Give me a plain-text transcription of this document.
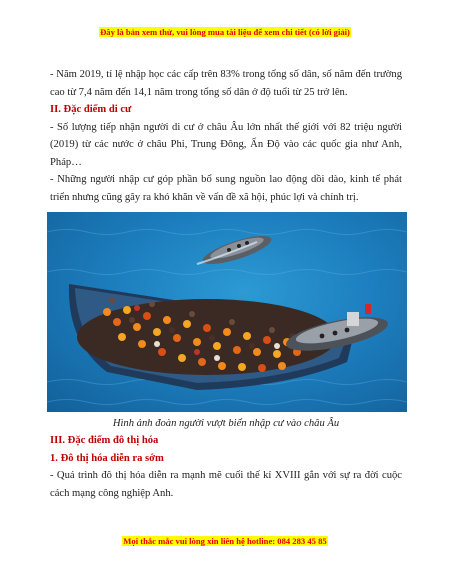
Đây là bản xem thử, vui lòng mua tài liệu để xem chi tiết (có lời giải)

- Năm 2019, tỉ lệ nhập học các cấp trên 83% trong tổng số dân, số năm đến trường cao từ 7,4 năm đến 14,1 năm trong tổng số dân ở độ tuổi từ 25 trở lên.

II. Đặc điểm di cư

- Số lượng tiếp nhận người di cư ở châu Âu lớn nhất thế giới với 82 triệu người (2019) từ các nước ở châu Phi, Trung Đông, Ấn Độ vào các quốc gia như Anh, Pháp…

- Những người nhập cư góp phần bổ sung nguồn lao động dồi dào, kinh tế phát triển nhưng cũng gây ra khó khăn về vấn đề xã hội, phúc lợi và chính trị.

Hình ảnh đoàn người vượt biển nhập cư vào châu Âu
III. Đặc điểm đô thị hóa
1. Đô thị hóa diễn ra sớm

- Quá trình đô thị hóa diễn ra mạnh mẽ cuối thế kỉ XVIII gắn với sự ra đời cuộc cách mạng công nghiệp Anh.

Mọi thắc mắc vui lòng xin liên hệ hotline: 084 283 45 85
